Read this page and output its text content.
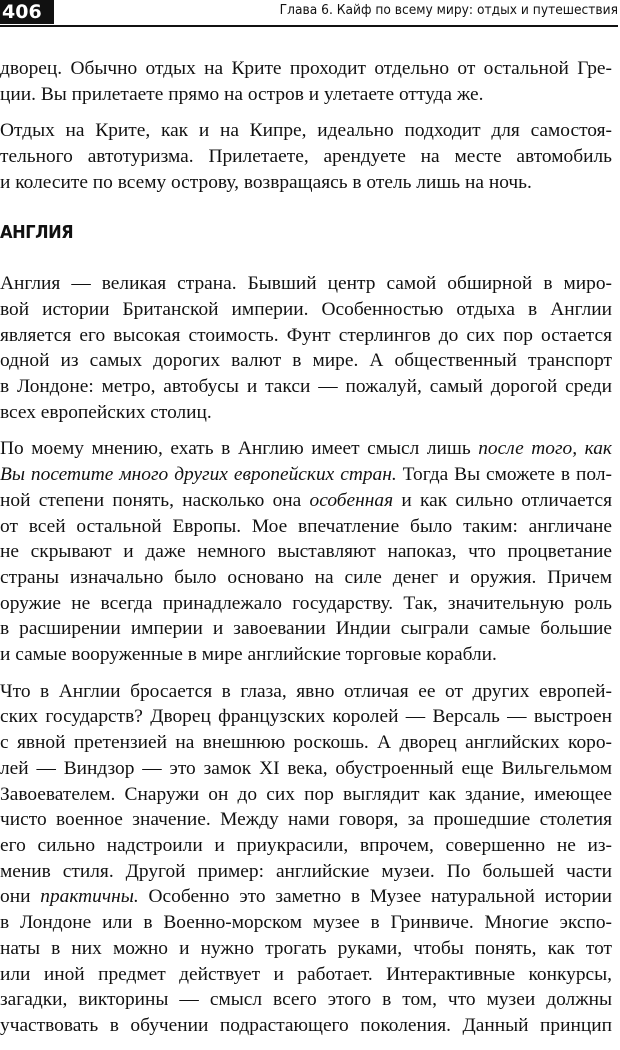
406	Глава 6. Кайф по всему миру: отдых и путешествия
дворец. Обычно отдых на Крите проходит отдельно от остальной Гре-
ции. Вы прилетаете прямо на остров и улетаете оттуда же.
Отдых на Крите, как и на Кипре, идеально подходит для самостоя-
тельного автотуризма. Прилетаете, арендуете на месте автомобиль
и колесите по всему острову, возвращаясь в отель лишь на ночь.
АНГЛИЯ
Англия — великая страна. Бывший центр самой обширной в миро-
вой истории Британской империи. Особенностью отдыха в Англии
является его высокая стоимость. Фунт стерлингов до сих пор остается
одной из самых дорогих валют в мире. А общественный транспорт
в Лондоне: метро, автобусы и такси — пожалуй, самый дорогой среди
всех европейских столиц.
По моему мнению, ехать в Англию имеет смысл лишь после того, как
Вы посетите много других европейских стран. Тогда Вы сможете в пол-
ной степени понять, насколько она особенная и как сильно отличается
от всей остальной Европы. Мое впечатление было таким: англичане
не скрывают и даже немного выставляют напоказ, что процветание
страны изначально было основано на силе денег и оружия. Причем
оружие не всегда принадлежало государству. Так, значительную роль
в расширении империи и завоевании Индии сыграли самые большие
и самые вооруженные в мире английские торговые корабли.
Что в Англии бросается в глаза, явно отличая ее от других европей-
ских государств? Дворец французских королей — Версаль — выстроен
с явной претензией на внешнюю роскошь. А дворец английских коро-
лей — Виндзор — это замок XI века, обустроенный еще Вильгельмом
Завоевателем. Снаружи он до сих пор выглядит как здание, имеющее
чисто военное значение. Между нами говоря, за прошедшие столетия
его сильно надстроили и приукрасили, впрочем, совершенно не из-
менив стиля. Другой пример: английские музеи. По большей части
они практичны. Особенно это заметно в Музее натуральной истории
в Лондоне или в Военно-морском музее в Гринвиче. Многие экспо-
наты в них можно и нужно трогать руками, чтобы понять, как тот
или иной предмет действует и работает. Интерактивные конкурсы,
загадки, викторины — смысл всего этого в том, что музеи должны
участвовать в обучении подрастающего поколения. Данный принцип
